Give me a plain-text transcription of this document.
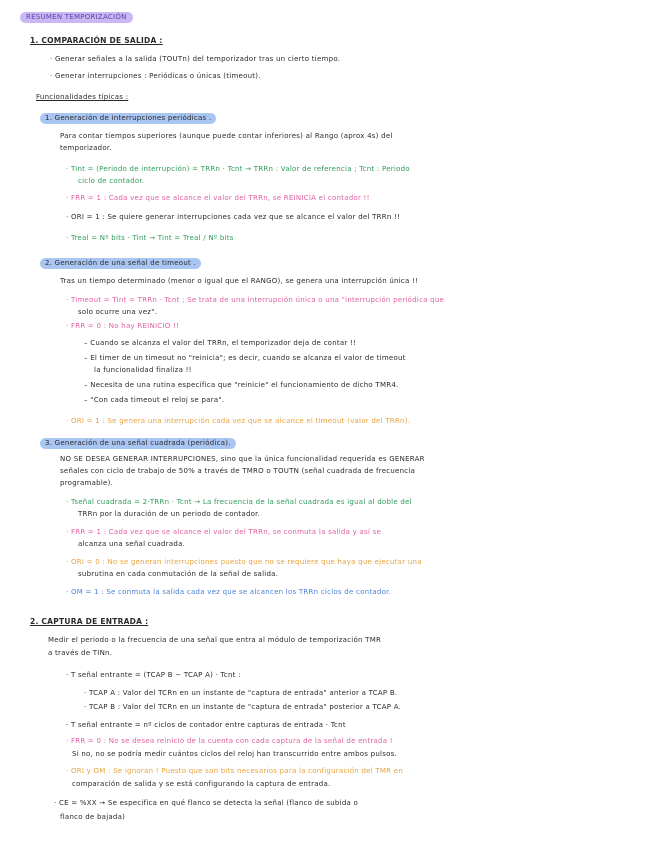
RESUMEN TEMPORIZACIÓN
1. COMPARACIÓN DE SALIDA :
· Generar señales a la salida (TOUTn) del temporizador tras un cierto tiempo.
· Generar interrupciones : Periódicas o únicas (timeout).
Funcionalidades típicas :
1. Generación de interrupciones periódicas .
Para contar tiempos superiores (aunque puede contar inferiores) al Rango (aprox 4s) del
temporizador.
· Tint = (Periodo de interrupción) = TRRn · Tcnt → TRRn : Valor de referencia ; Tcnt : Periodo
ciclo de contador.
· FRR = 1 : Cada vez que se alcance el valor del TRRn, se REINICIA el contador !!
· ORI = 1 : Se quiere generar interrupciones cada vez que se alcance el valor del TRRn !!
· Treal = Nº bits · Tint → Tint = Treal / Nº bits
2. Generación de una señal de timeout .
Tras un tiempo determinado (menor o igual que el RANGO), se genera una interrupción única !!
· Timeout = Tint = TRRn · Tcnt ; Se trata de una interrupción única o una "interrupción periódica que
solo ocurre una vez".
· FRR = 0 : No hay REINICIO !!
– Cuando se alcanza el valor del TRRn, el temporizador deja de contar !!
– El timer de un timeout no "reinicia"; es decir, cuando se alcanza el valor de timeout
la funcionalidad finaliza !!
– Necesita de una rutina específica que "reinicie" el funcionamiento de dicho TMR4.
– "Con cada timeout el reloj se para".
· ORI = 1 : Se genera una interrupción cada vez que se alcance el timeout (valor del TRRn).
3. Generación de una señal cuadrada (periódica).
NO SE DESEA GENERAR INTERRUPCIONES, sino que la única funcionalidad requerida es GENERAR
señales con ciclo de trabajo de 50% a través de TMRO o TOUTN (señal cuadrada de frecuencia
programable).
· Tseñal cuadrada = 2·TRRn · Tcnt → La frecuencia de la señal cuadrada es igual al doble del
TRRn por la duración de un periodo de contador.
· FRR = 1 : Cada vez que se alcance el valor del TRRn, se conmuta la salida y así se
alcanza una señal cuadrada.
· ORI = 0 : No se generan interrupciones puesto que no se requiere que haya que ejecutar una
subrutina en cada conmutación de la señal de salida.
· OM = 1 : Se conmuta la salida cada vez que se alcancen los TRRn ciclos de contador.
2. CAPTURA DE ENTRADA :
Medir el periodo o la frecuencia de una señal que entra al módulo de temporización TMR
a través de TINn.
· T señal entrante = (TCAP B − TCAP A) · Tcnt :
· TCAP A : Valor del TCRn en un instante de "captura de entrada" anterior a TCAP B.
· TCAP B : Valor del TCRn en un instante de "captura de entrada" posterior a TCAP A.
· T señal entrante = nº ciclos de contador entre capturas de entrada · Tcnt
· FRR = 0 : No se desea reinicio de la cuenta con cada captura de la señal de entrada !
Si no, no se podría medir cuántos ciclos del reloj han transcurrido entre ambos pulsos.
· ORI y OM : Se ignoran ! Puesto que son bits necesarios para la configuración del TMR en
comparación de salida y se está configurando la captura de entrada.
· CE = %XX → Se especifica en qué flanco se detecta la señal (flanco de subida o
flanco de bajada)
